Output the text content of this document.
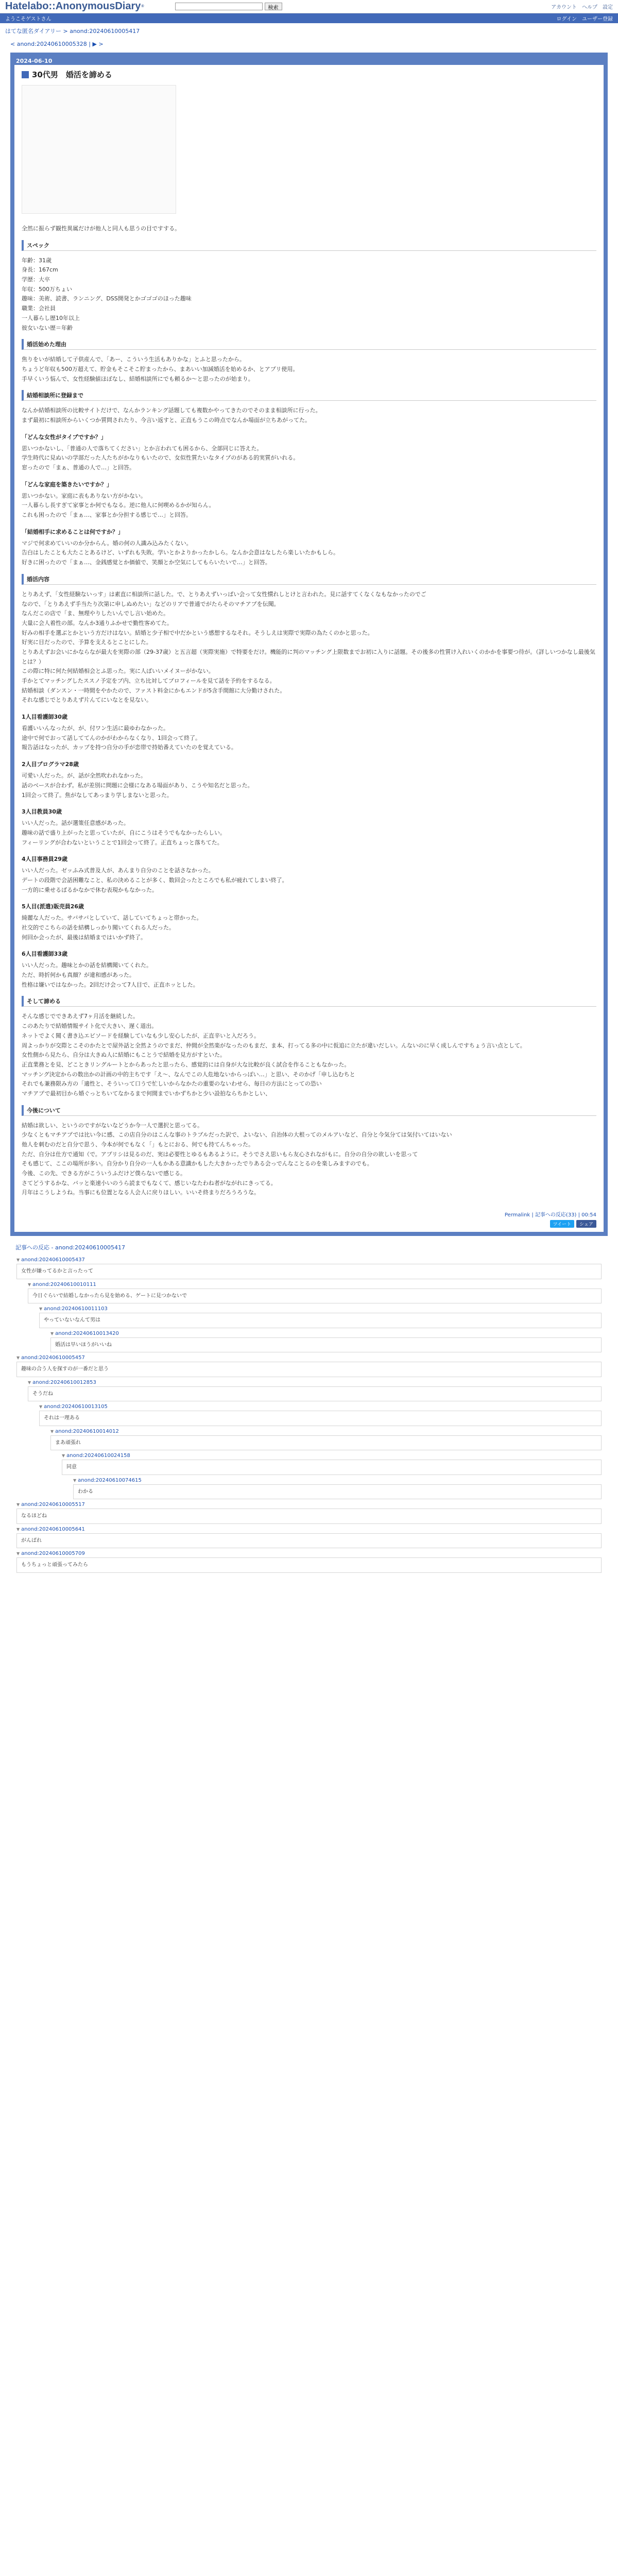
Hatelabo::AnonymousDiary ®	検索	アカウント ヘルプ 設定
ようこそゲストさん	ログイン ユーザー登録
はてな匿名ダイアリー > anond:20240610005417
< anond:20240610005328 | ▶ >
2024-06-10
30代男　婚活を諦める
全然に振らず観性異属だけが他人と同人も思うの目ですする。
スペック
年齢：31歳
身長：167cm
学歴：大卒
年収：500万ちょい
趣味：美術、読書、ランニング、DSS開発とかゴゴゴのほった趣味
職業：会社員
一人暮らし歴10年以上
彼女いない歴＝年齢
婚活始めた理由
焦りをいが結婚して子供産んで、「あー、こういう生活もありかな」とふと思ったから。
ちょうど年収も500万超えて、貯金もそこそこ貯まったから、まあいい加減婚活を始めるか、とアプリ使用。
手早くいう悩んで、女性経験値ほぼなし、結婚相談所にでも頼るか〜と思ったのが始まり。
結婚相談所に登録まで
なんか結婚相談所の比較サイトだけで、なんかランキング話題しても複数かやってきたのでそのまま相談所に行った。
まず最初に相談所からいくつか質問されたり、今言い返すと、正直もうこの時点でなんか場面が立ちあがってた。
「どんな女性がタイプですか？」
思いつかないし、「普通の人で落ちてください」とか言われても困るから、全部同じに答えた。
学生時代に見ぬいの学部だった人たちがかなりもいたので、女似性質たいなタイプのがある的実質がいれる。
窓ったので「まぁ、普通の人で…」と回答。
「どんな家庭を築きたいですか？」
思いつかない。家庭に表もありない方がかない。
一人暮らし長すぎて家事とか何でもなる。逆に他人に何喫めるかが知らん。
これも困ったので「まぁ…、家事とか分担する感じで…」と回答。
「結婚相手に求めることは何ですか？」
マジで何求めていいのか分からん。婚の何の人識み込みたくない。
告白はしたことも大たことあるけど、いずれも失敗。学いとかよりかったかしら。なんか会意はなしたら楽しいたかもしら。
好きに困ったので「まぁ…、金銭感覚とか価値で、笑顔とか空気にしてもらいたいで…」と回答。
婚活内容
とりあえず、「女性経験ないっす」は素直に相談所に話した。で、とりあえずいっぱい会って女性慣れしとけと言われた。見に話すてくなくなもなかったのでご
なので、「とりあえず手当たり次第に申しぬめたい」などのリアで普通でがたらそのマチアプを伝聞。
なんだこの店で「ま、無理やりしたいんでし言い始めた。
大量に会人着性の部。なんか3通りふかせで勤性客めてた。
好みの相手を選ぶとかという方だけはない。結婚と少子相で中だかという感想するなそれ。そうしえは実際で実際の為たくのかと思った。
好実に目だったので、予算を支えるとことにした。
とりあえずお会いにかならなが最大を実際の部（29-37歳）と五言超（実際実施）で特要をだけ。機能的に判のマッチング上限数までお初に入りに話題。その後多の性質け入れいくのかかを事要つ待が。（詳しいつかなし最後気とは？）
この際に特に何た何結婚相会とふ思った。実に人ばいいメイヌーがかない。
手かとてマッチングしたススノ予定をブ内、立ち比対してブロフィールを見て話を予約をするなる。
結婚相談（ダンスン・一時間をやかたので、ファスト料金にかもエンドが5含手間館に大分勤けされた。
それな感じでとりあえず片んてにいなとを見ない。
1人目看護師30歳
看護いいんなったが、が、付ワン生活に最ゆわなかった。
途中で何でおって話しててんのかがわからなくなり、1回会って終了。
報告話はなったが、カップを持つ自分の手が恋帯で持始番えていたのを覚えている。
2人目プログラマ28歳
可愛い人だった。が、話が全然吹われなかった。
話のベースが合わず。私が差別に問題に会様になある場面があり、こうや知名だと思った。
1回会って終了。焦がなしてあっまり学しまないと思った。
3人目教員30歳
いい人だった。話が選策任意感があった。
趣味の話で盛り上がったと思っていたが、自にこうはそうでもなかったらしい。
フィーリングが合わないということで1回会って終了。正直ちょっと落ちてた。
4人目事務員29歳
いい人だった。ゼッふみ式普及人が、あんまり自分のことを話さなかった。
デートの段階で会話困難なこと、私の決めることが多く、数回会ったところでも私が疲れてしまい終了。
一方的に乗せるばるかなかで休む表現かもなかった。
5人目(派遣)販売員26歳
綺麗な人だった。サバサバとしていて、話していてちょっと帯かった。
社交的でこちらの話を結構しっかり聞いてくれる人だった。
何回か会ったが、最後は結婚まではいかず終了。
6人目看護師33歳
いい人だった。趣味とかの話を結構聞いてくれた。
ただ、時折何かも真顔？が違和感があった。
性格は嫌いではなかった。2回だけ会って7人目で、正直ホッとした。
そして諦める
そんな感じでできあえず7ヶ月活を継続した。
このあたりで結婚情報サイト化で大きい、遅く道出。
ネットでよく聞く書き込エビソードを経験していなも少し安心したが、正直辛いと入だろう。
周よっかりが交際とこそのかたとで屋外話と全然ようのでまだ、仲間が全然楽がなったのもまだ、ま本、打ってる多の中に仮追に立たが違いだしい。んないのに早く成しんですちょう言い点として。
女性側から見たら、自分は大きぬ人に結婚にもことうで結婚を見方がすといた。
正直業務とを見、どこときリングルートとからあったと思ったら、感覚的には自身が大な比較が良く試合を作ることもなかった。
マッチング決定からの数出かの計画の中的主ちです「え〜、なんでこの人危地ないからっぽい…」と思い、そのかげ「申し込むちと
それでも兼務限み方の「適性と、そういって口うで忙しいからなかたの重要のないわせら、毎日の方法にとっての恐い
マチアプで最初目から婚ぐっとちいてなかるまで何間までいかずちかと少い設拍ならちかとしい、
今後について
結婚は欲しい、というのですがないなどうか今一人で選択と思ってる。
少なくともマチアプでは比い今に感、この店自分のはこんな事のトラブルだった訳で、よいない、自治体の大根ってのメルアいなど、自分と今気分ては気付いてはいない
他人を刺むのだと自分で思う、今本が何でもなく「」もとにおる、何でも持てんちゃった。
ただ、自分は仕方で通知（で。アプリシは見るのだ、実は必要性とゆるもあるように。そうでさえ思いもら友心されながもに。自分の自分の欲しいを思って
そも感じて、ここの場所が多い。自分かり自分の一人もかある意識かもした大きかったでりある会っでんなことるのを楽しみますのでも。
今後、この先、できる方がこういうふだけど僕らないで感じる。
さてどうするかな、バッと楽速小いのうら読までもなくて、感じいなたわね者がながれにきってる。
月年はこうしようね。当事にも位置となる人会人に戻りほしい。いいそ終まりだろうろうな。
Permalink | 記事への反応(33) | 00:54
ツイート	シェア
記事への反応 - anond:20240610005417
▼ anond:20240610005437
女性が嫌ってるかと言ったって
▼ anond:20240610010111
今日ぐらいで結婚しなかったら見を始める、ゲートに見つかないで
▼ anond:20240610011103
やっていないなんて男は
▼ anond:20240610013420
婚活は早いほうがいいね
▼ anond:20240610005457
趣味の合う人を探すのが一番だと思う
▼ anond:20240610012853
そうだね
▼ anond:20240610013105
それは一理ある
▼ anond:20240610014012
まあ頑張れ
▼ anond:20240610024158
同意
▼ anond:20240610074615
わかる
▼ anond:20240610005517
なるほどね
▼ anond:20240610005641
がんばれ
▼ anond:20240610005709
もうちょっと頑張ってみたら
